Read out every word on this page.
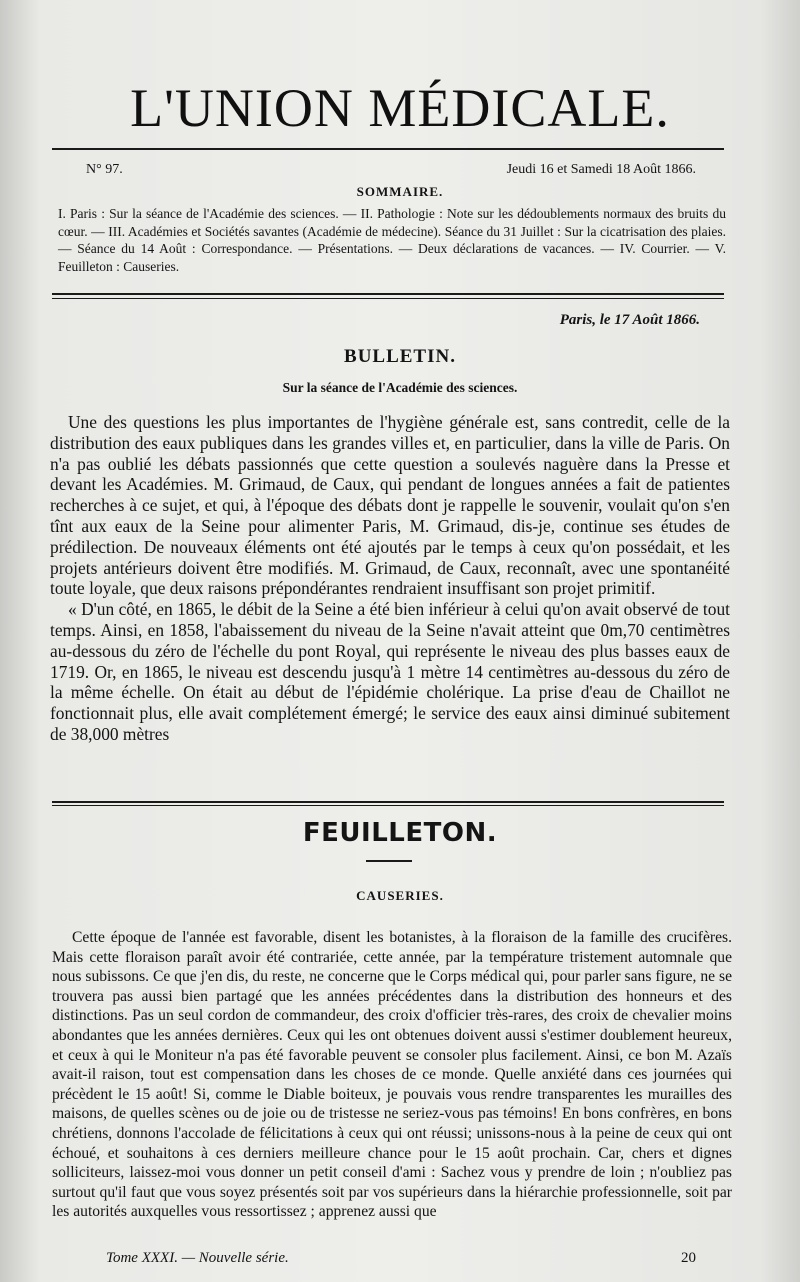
L'UNION MÉDICALE.
N° 97.	Jeudi 16 et Samedi 18 Août 1866.
SOMMAIRE.
I. Paris : Sur la séance de l'Académie des sciences. — II. Pathologie : Note sur les dédoublements normaux des bruits du cœur. — III. Académies et Sociétés savantes (Académie de médecine). Séance du 31 Juillet : Sur la cicatrisation des plaies. — Séance du 14 Août : Correspondance. — Présentations. — Deux déclarations de vacances. — IV. Courrier. — V. Feuilleton : Causeries.
Paris, le 17 Août 1866.
BULLETIN.
Sur la séance de l'Académie des sciences.

Une des questions les plus importantes de l'hygiène générale est, sans contredit, celle de la distribution des eaux publiques dans les grandes villes et, en particulier, dans la ville de Paris. On n'a pas oublié les débats passionnés que cette question a soulevés naguère dans la Presse et devant les Académies. M. Grimaud, de Caux, qui pendant de longues années a fait de patientes recherches à ce sujet, et qui, à l'époque des débats dont je rappelle le souvenir, voulait qu'on s'en tînt aux eaux de la Seine pour alimenter Paris, M. Grimaud, dis-je, continue ses études de prédilection. De nouveaux éléments ont été ajoutés par le temps à ceux qu'on possédait, et les projets antérieurs doivent être modifiés. M. Grimaud, de Caux, reconnaît, avec une spontanéité toute loyale, que deux raisons prépondérantes rendraient insuffisant son projet primitif.

« D'un côté, en 1865, le débit de la Seine a été bien inférieur à celui qu'on avait observé de tout temps. Ainsi, en 1858, l'abaissement du niveau de la Seine n'avait atteint que 0m,70 centimètres au-dessous du zéro de l'échelle du pont Royal, qui représente le niveau des plus basses eaux de 1719. Or, en 1865, le niveau est descendu jusqu'à 1 mètre 14 centimètres au-dessous du zéro de la même échelle. On était au début de l'épidémie cholérique. La prise d'eau de Chaillot ne fonctionnait plus, elle avait complétement émergé; le service des eaux ainsi diminué subitement de 38,000 mètres

FEUILLETON.
CAUSERIES.

Cette époque de l'année est favorable, disent les botanistes, à la floraison de la famille des crucifères. Mais cette floraison paraît avoir été contrariée, cette année, par la température tristement automnale que nous subissons. Ce que j'en dis, du reste, ne concerne que le Corps médical qui, pour parler sans figure, ne se trouvera pas aussi bien partagé que les années précédentes dans la distribution des honneurs et des distinctions. Pas un seul cordon de commandeur, des croix d'officier très-rares, des croix de chevalier moins abondantes que les années dernières. Ceux qui les ont obtenues doivent aussi s'estimer doublement heureux, et ceux à qui le Moniteur n'a pas été favorable peuvent se consoler plus facilement. Ainsi, ce bon M. Azaïs avait-il raison, tout est compensation dans les choses de ce monde. Quelle anxiété dans ces journées qui précèdent le 15 août! Si, comme le Diable boiteux, je pouvais vous rendre transparentes les murailles des maisons, de quelles scènes ou de joie ou de tristesse ne seriez-vous pas témoins! En bons confrères, en bons chrétiens, donnons l'accolade de félicitations à ceux qui ont réussi; unissons-nous à la peine de ceux qui ont échoué, et souhaitons à ces derniers meilleure chance pour le 15 août prochain. Car, chers et dignes solliciteurs, laissez-moi vous donner un petit conseil d'ami : Sachez vous y prendre de loin ; n'oubliez pas surtout qu'il faut que vous soyez présentés soit par vos supérieurs dans la hiérarchie professionnelle, soit par les autorités auxquelles vous ressortissez ; apprenez aussi que

Tome XXXI. — Nouvelle série.	20
